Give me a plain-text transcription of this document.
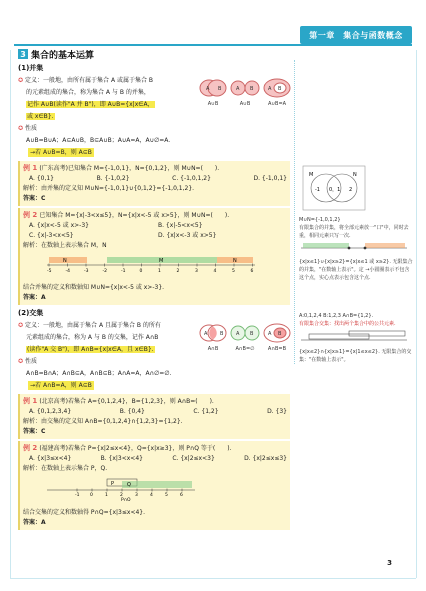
第一章　集合与函数概念
3 集合的基本运算
(1)并集
✪ 定义：一般地，由所有属于集合 A 或属于集合 B
的元素组成的集合，称为集合 A 与 B 的并集，
记作 A∪B(读作"A 并 B")，即 A∪B={x|x∈A，
或 x∈B}.
✪ 性质
A∪B=B∪A；A⊆A∪B，B⊆A∪B；A∪A=A，A∪∅=A.
→若 A∪B=B，则 A⊆B
A B
A∪B
A B
A∪B
A B
A∪B=A
例 1 (广东高考)已知集合 M={-1,0,1}，N={0,1,2}，则 M∪N=(　　).
A. {0,1}	B. {-1,0,2}	C. {-1,0,1,2}	D. {-1,0,1}
解析：由并集的定义知 M∪N={-1,0,1}∪{0,1,2}={-1,0,1,2}.
答案：C
例 2 已知集合 M={x|-3<x≤5}，N={x|x<-5 或 x>5}，则 M∪N=(　　).
A. {x|x<-5 或 x>-3}	B. {x|-5<x<5}
C. {x|-3<x<5}	D. {x|x<-3 或 x>5}
解析：在数轴上表示集合 M，N
-5	-4	-3	-2	-1	0	1	2	3	4	5	6
N	M	N
结合并集的定义和数轴知 M∪N={x|x<-5 或 x>-3}.
答案：A
(2)交集
✪ 定义：一般地，由属于集合 A 且属于集合 B 的所有
元素组成的集合，称为 A 与 B 的交集，记作 A∩B
(读作"A 交 B")，即 A∩B={x|x∈A，且 x∈B}.
✪ 性质
A∩B=B∩A；A∩B⊆A，A∩B⊆B；A∩A=A，A∩∅=∅.
→若 A∩B=A，则 A⊆B
A	B
A∩B
A B
A∩B=∅
A B
A∩B=B
例 1 (北京高考)若集合 A={0,1,2,4}，B={1,2,3}，则 A∩B=(　　).
A. {0,1,2,3,4}	B. {0,4}	C. {1,2}	D. {3}
解析：由交集的定义知 A∩B={0,1,2,4}∩{1,2,3}={1,2}.
答案：C
例 2 (福建高考)若集合 P={x|2≤x<4}，Q={x|x≥3}，则 P∩Q 等于(　　).
A. {x|3≤x<4}	B. {x|3<x<4}	C. {x|2≤x<3}	D. {x|2≤x≤3}
解析：在数轴上表示集合 P，Q.
-1 0	1	2	3	4	5	6
P	Q
P∩Q
结合交集的定义和数轴得 P∩Q={x|3≤x<4}.
答案：A
M	N
-1 0，1 2
M∪N={-1,0,1,2}
有限集合的并集，将全部元素放一"口"中，同时去重，相同元素只写一次.
{x|x≤1}∪{x|x≥2}={x|x≤1 或 x≥2}. 无限集合的并集，"在数轴上表示"。定 →小圆圈表示不包含这个点，实心点表示包含这个点.
A:0,1,2,4 B:1,2,3 A∩B={1,2}.
有限集合交集：找出两个集合中的公共元素.
{x|x≤2}∩{x|x≥1}={x|1≤x≤2}. 无限集合的交集："在数轴上表示"。
3
